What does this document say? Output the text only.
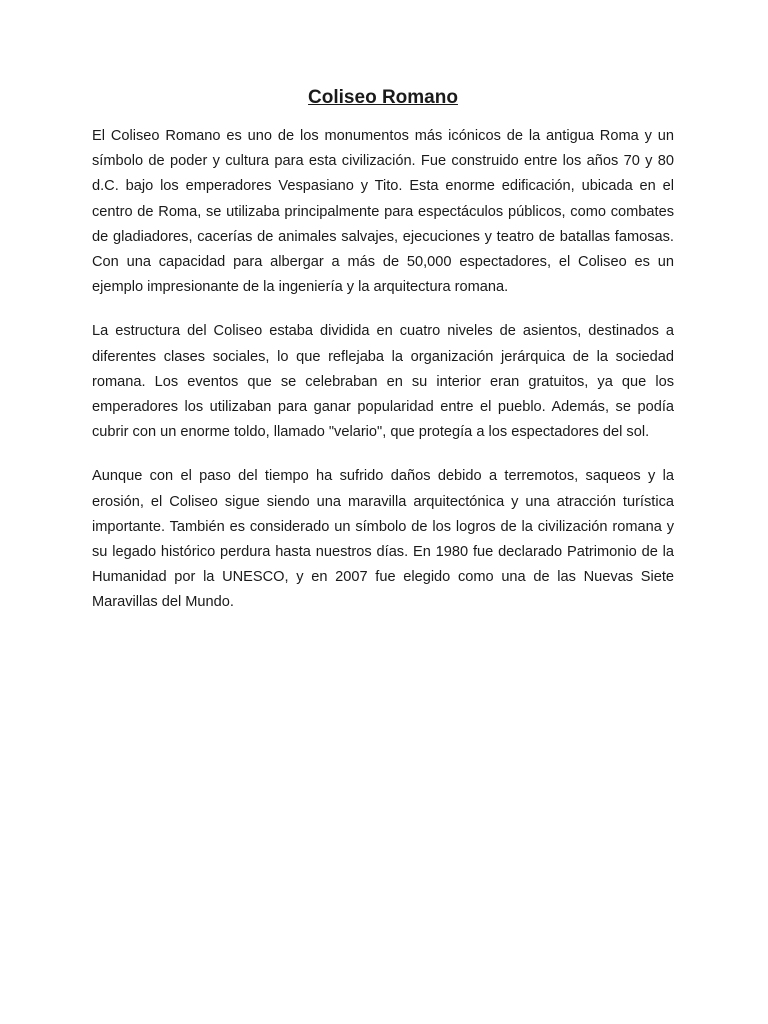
Coliseo Romano

El Coliseo Romano es uno de los monumentos más icónicos de la antigua Roma y un símbolo de poder y cultura para esta civilización. Fue construido entre los años 70 y 80 d.C. bajo los emperadores Vespasiano y Tito. Esta enorme edificación, ubicada en el centro de Roma, se utilizaba principalmente para espectáculos públicos, como combates de gladiadores, cacerías de animales salvajes, ejecuciones y teatro de batallas famosas. Con una capacidad para albergar a más de 50,000 espectadores, el Coliseo es un ejemplo impresionante de la ingeniería y la arquitectura romana.

La estructura del Coliseo estaba dividida en cuatro niveles de asientos, destinados a diferentes clases sociales, lo que reflejaba la organización jerárquica de la sociedad romana. Los eventos que se celebraban en su interior eran gratuitos, ya que los emperadores los utilizaban para ganar popularidad entre el pueblo. Además, se podía cubrir con un enorme toldo, llamado "velario", que protegía a los espectadores del sol.

Aunque con el paso del tiempo ha sufrido daños debido a terremotos, saqueos y la erosión, el Coliseo sigue siendo una maravilla arquitectónica y una atracción turística importante. También es considerado un símbolo de los logros de la civilización romana y su legado histórico perdura hasta nuestros días. En 1980 fue declarado Patrimonio de la Humanidad por la UNESCO, y en 2007 fue elegido como una de las Nuevas Siete Maravillas del Mundo.
